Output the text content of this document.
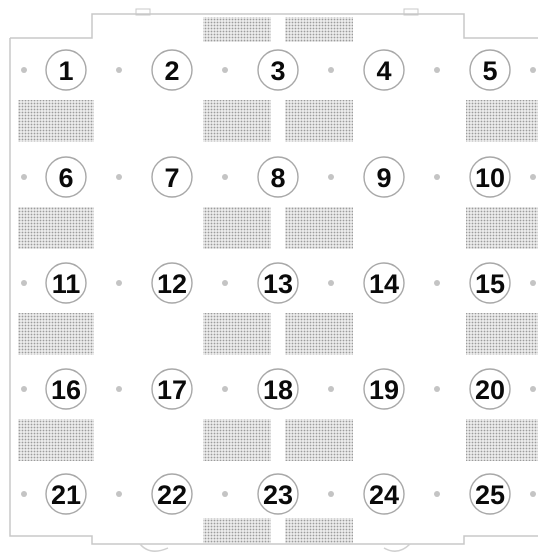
1	2	3	4	5
6	7	8	9	10
11	12	13	14	15
16	17	18	19	20
21	22	23	24	25
